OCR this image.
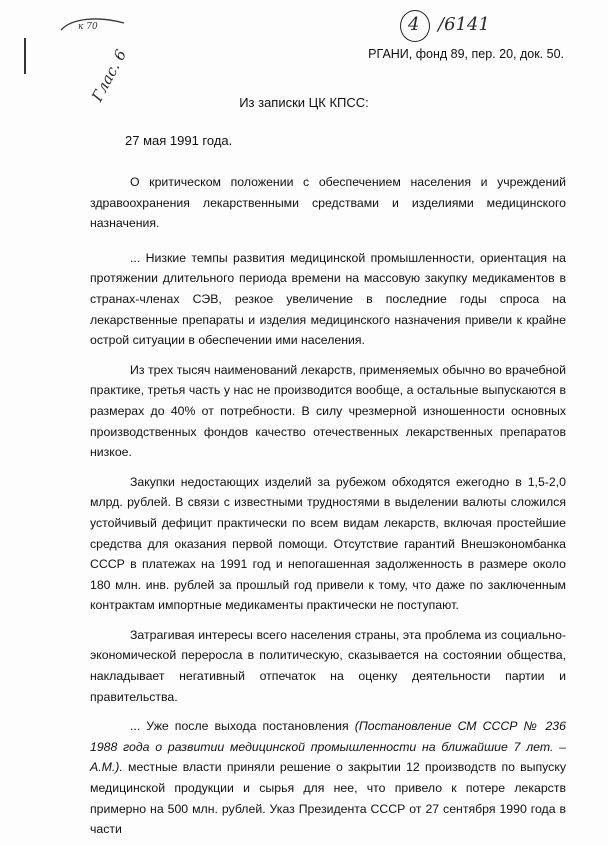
к 70	4 /6141
Глас. 6	РГАНИ, фонд 89, пер. 20, док. 50.
Из записки ЦК КПСС:
27 мая 1991 года.

О критическом положении с обеспечением населения и учреждений здравоохранения лекарственными средствами и изделиями медицинского назначения.

... Низкие темпы развития медицинской промышленности, ориентация на протяжении длительного периода времени на массовую закупку медикаментов в странах-членах СЭВ, резкое увеличение в последние годы спроса на лекарственные препараты и изделия медицинского назначения привели к крайне острой ситуации в обеспечении ими населения.

Из трех тысяч наименований лекарств, применяемых обычно во врачебной практике, третья часть у нас не производится вообще, а остальные выпускаются в размерах до 40% от потребности. В силу чрезмерной изношенности основных производственных фондов качество отечественных лекарственных препаратов низкое.

Закупки недостающих изделий за рубежом обходятся ежегодно в 1,5-2,0 млрд. рублей. В связи с известными трудностями в выделении валюты сложился устойчивый дефицит практически по всем видам лекарств, включая простейшие средства для оказания первой помощи. Отсутствие гарантий Внешэкономбанка СССР в платежах на 1991 год и непогашенная задолженность в размере около 180 млн. инв. рублей за прошлый год привели к тому, что даже по заключенным контрактам импортные медикаменты практически не поступают.

Затрагивая интересы всего населения страны, эта проблема из социально-экономической переросла в политическую, сказывается на состоянии общества, накладывает негативный отпечаток на оценку деятельности партии и правительства.

... Уже после выхода постановления (Постановление СМ СССР № 236 1988 года о развитии медицинской промышленности на ближайшие 7 лет. – А.М.). местные власти приняли решение о закрытии 12 производств по выпуску медицинской продукции и сырья для нее, что привело к потере лекарств примерно на 500 млн. рублей. Указ Президента СССР от 27 сентября 1990 года в части
